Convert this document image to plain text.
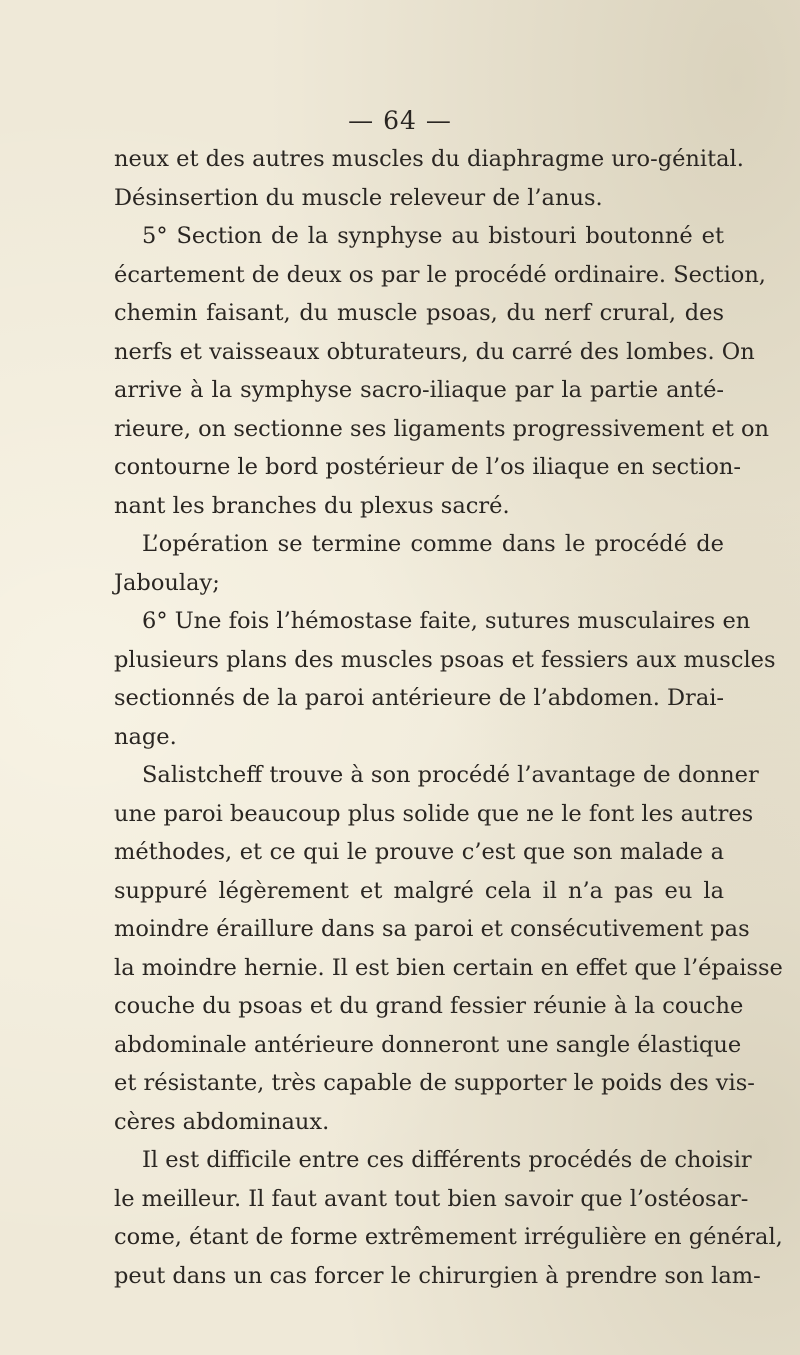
— 64 —
neux et des autres muscles du diaphragme uro-génital.
Désinsertion du muscle releveur de l’anus.
5° Section de la synphyse au bistouri boutonné et
écartement de deux os par le procédé ordinaire. Section,
chemin faisant, du muscle psoas, du nerf crural, des
nerfs et vaisseaux obturateurs, du carré des lombes. On
arrive à la symphyse sacro-iliaque par la partie anté-
rieure, on sectionne ses ligaments progressivement et on
contourne le bord postérieur de l’os iliaque en section-
nant les branches du plexus sacré.
L’opération se termine comme dans le procédé de
Jaboulay;
6° Une fois l’hémostase faite, sutures musculaires en
plusieurs plans des muscles psoas et fessiers aux muscles
sectionnés de la paroi antérieure de l’abdomen. Drai-
nage.
Salistcheff trouve à son procédé l’avantage de donner
une paroi beaucoup plus solide que ne le font les autres
méthodes, et ce qui le prouve c’est que son malade a
suppuré légèrement et malgré cela il n’a pas eu la
moindre éraillure dans sa paroi et consécutivement pas
la moindre hernie. Il est bien certain en effet que l’épaisse
couche du psoas et du grand fessier réunie à la couche
abdominale antérieure donneront une sangle élastique
et résistante, très capable de supporter le poids des vis-
cères abdominaux.
Il est difficile entre ces différents procédés de choisir
le meilleur. Il faut avant tout bien savoir que l’ostéosar-
come, étant de forme extrêmement irrégulière en général,
peut dans un cas forcer le chirurgien à prendre son lam-
